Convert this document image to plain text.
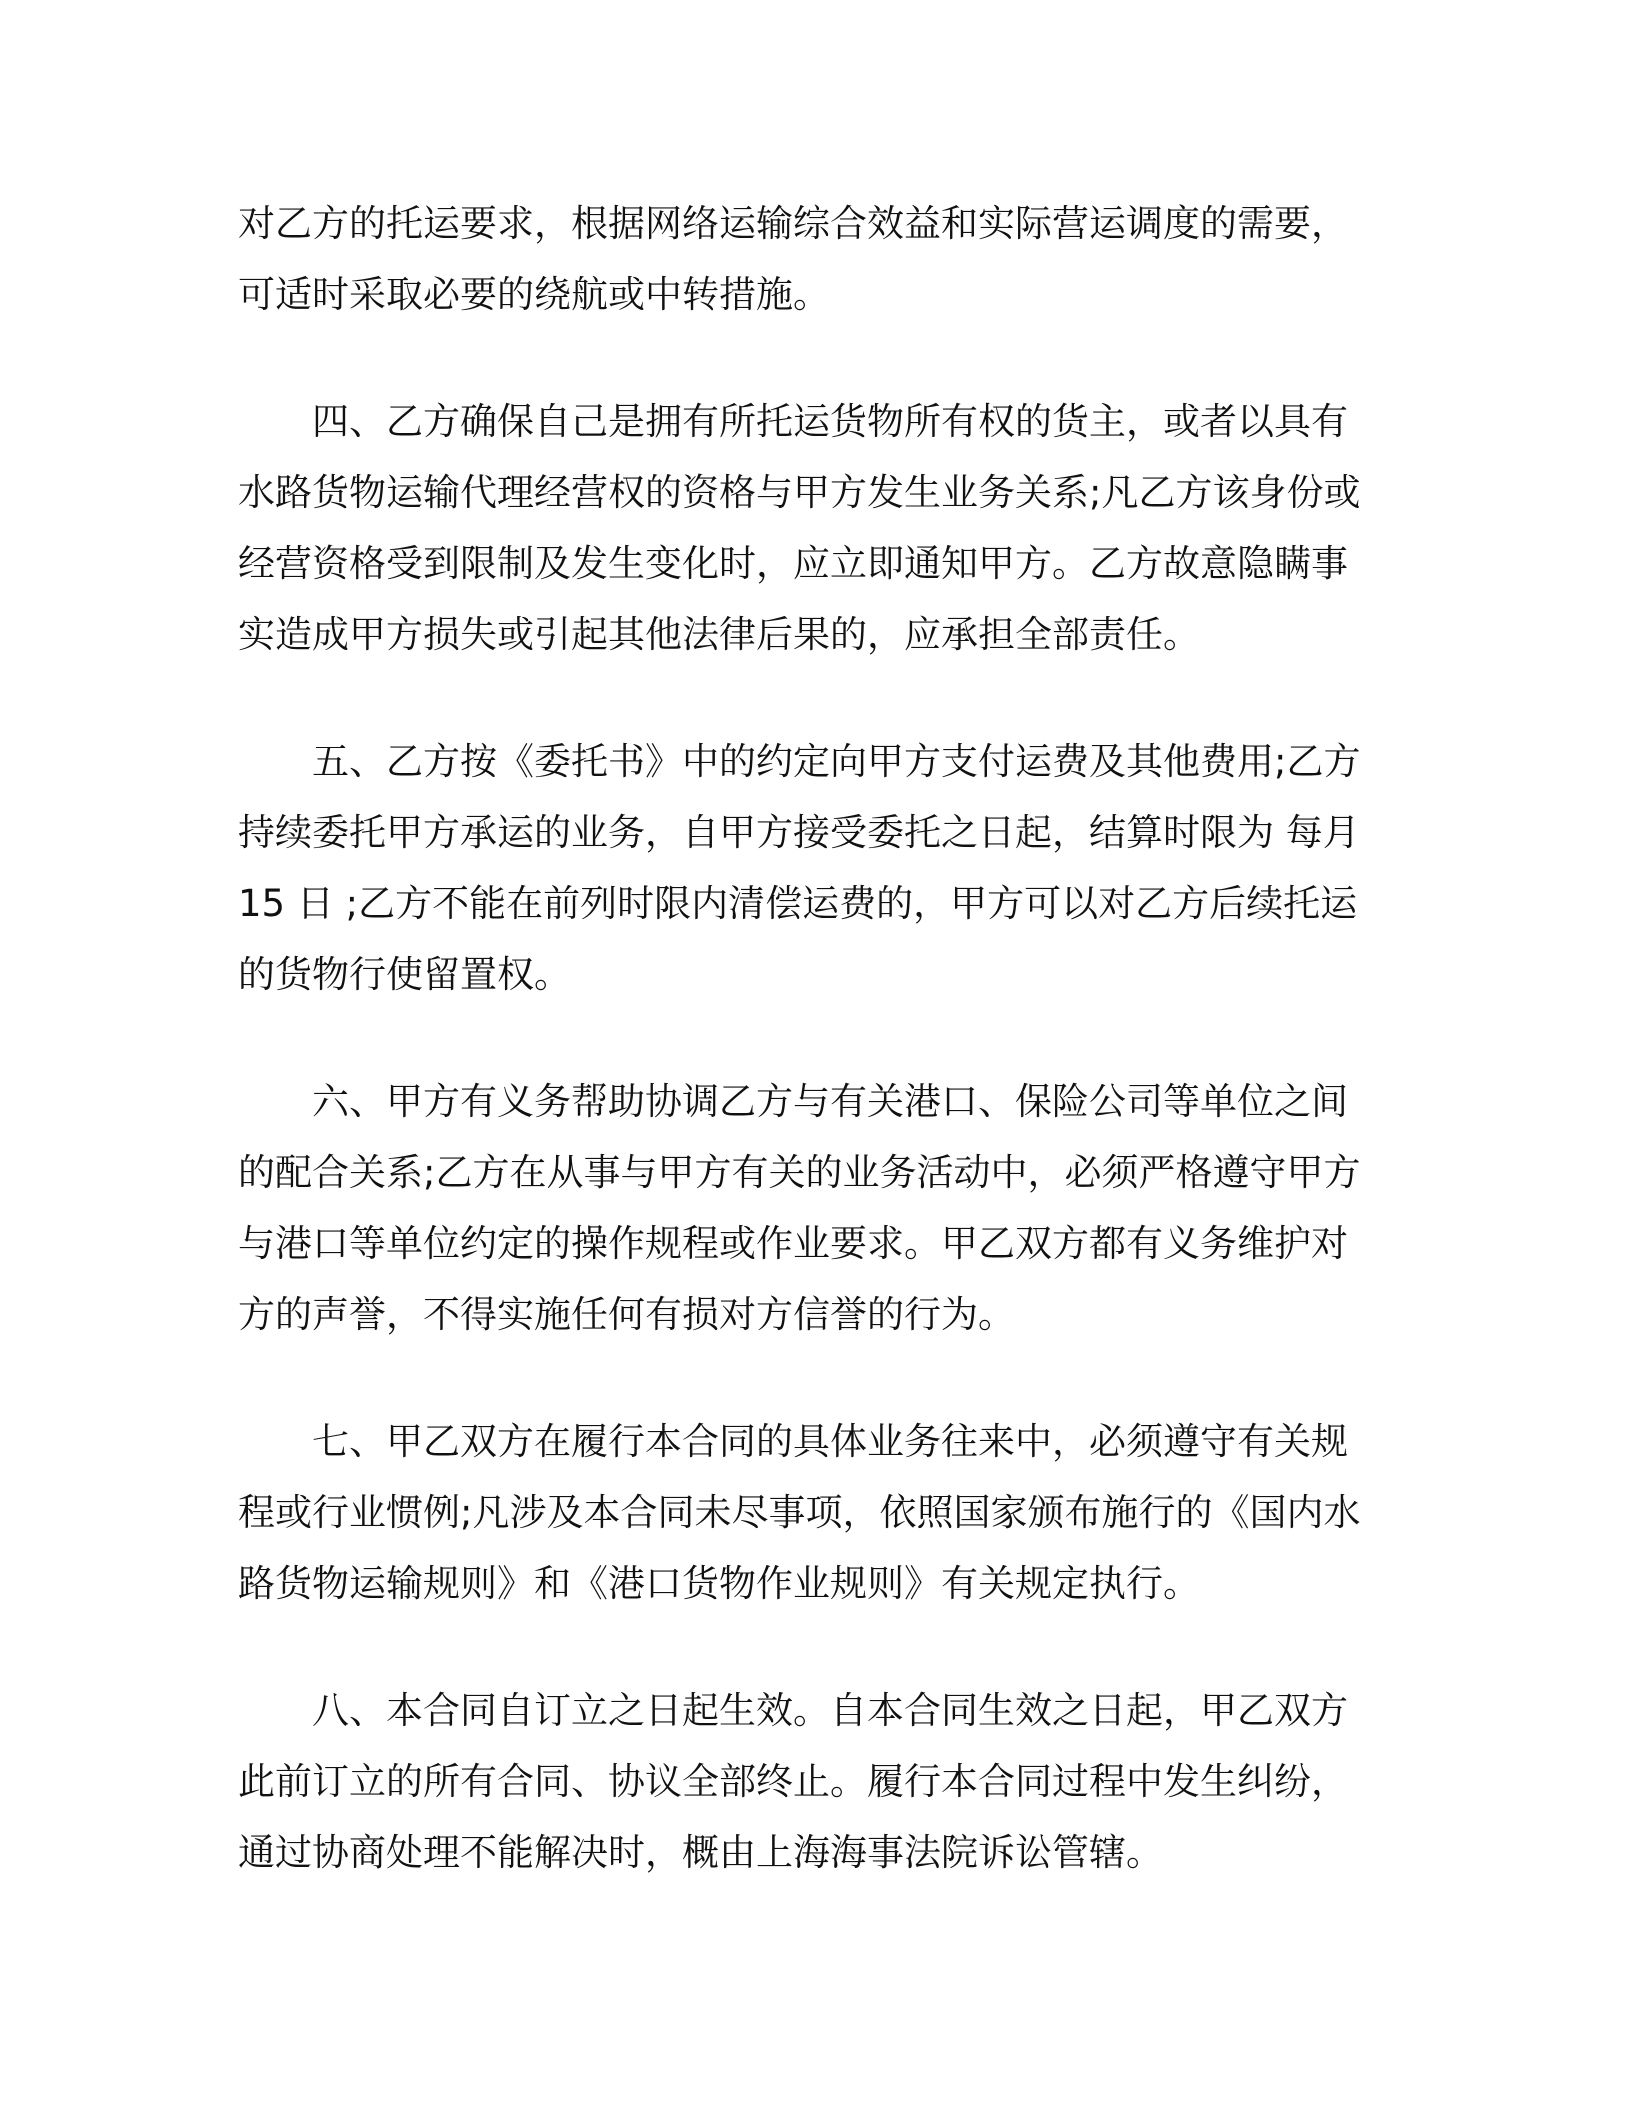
对乙方的托运要求，根据网络运输综合效益和实际营运调度的需要，
可适时采取必要的绕航或中转措施。
四、乙方确保自己是拥有所托运货物所有权的货主，或者以具有
水路货物运输代理经营权的资格与甲方发生业务关系;凡乙方该身份或
经营资格受到限制及发生变化时，应立即通知甲方。乙方故意隐瞒事
实造成甲方损失或引起其他法律后果的，应承担全部责任。
五、乙方按《委托书》中的约定向甲方支付运费及其他费用;乙方
持续委托甲方承运的业务，自甲方接受委托之日起，结算时限为 每月
15 日 ;乙方不能在前列时限内清偿运费的，甲方可以对乙方后续托运
的货物行使留置权。
六、甲方有义务帮助协调乙方与有关港口、保险公司等单位之间
的配合关系;乙方在从事与甲方有关的业务活动中，必须严格遵守甲方
与港口等单位约定的操作规程或作业要求。甲乙双方都有义务维护对
方的声誉，不得实施任何有损对方信誉的行为。
七、甲乙双方在履行本合同的具体业务往来中，必须遵守有关规
程或行业惯例;凡涉及本合同未尽事项，依照国家颁布施行的《国内水
路货物运输规则》和《港口货物作业规则》有关规定执行。
八、本合同自订立之日起生效。自本合同生效之日起，甲乙双方
此前订立的所有合同、协议全部终止。履行本合同过程中发生纠纷，
通过协商处理不能解决时，概由上海海事法院诉讼管辖。
